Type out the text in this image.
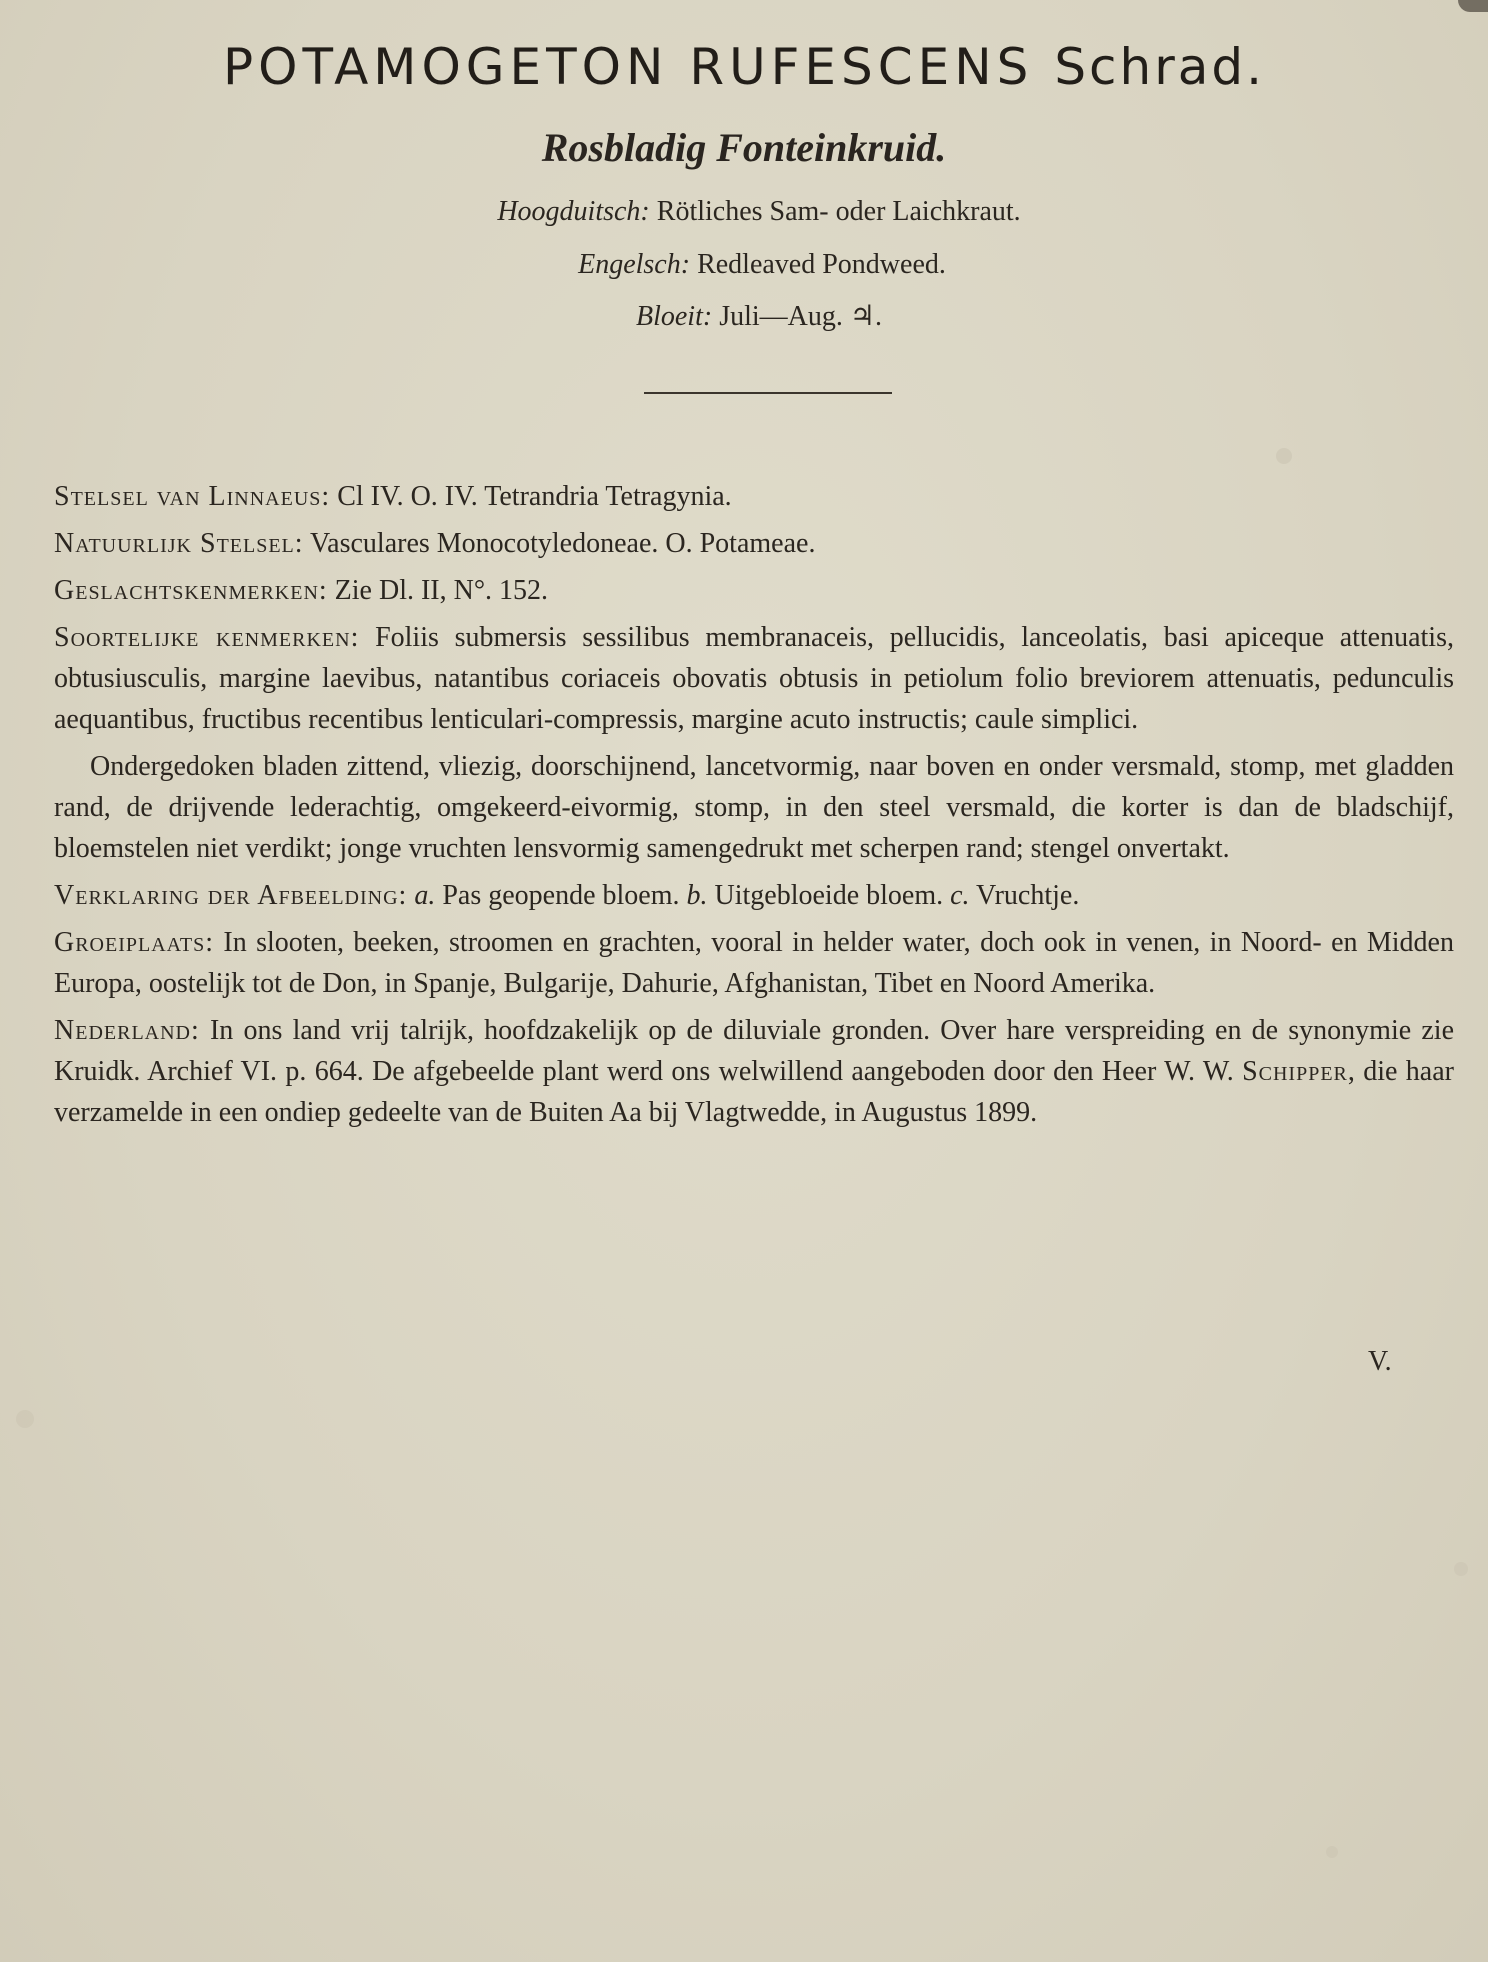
POTAMOGETON RUFESCENS Schrad.
Rosbladig Fonteinkruid.
Hoogduitsch: Rötliches Sam- oder Laichkraut.
Engelsch: Redleaved Pondweed.
Bloeit: Juli—Aug. ♃.

Stelsel van Linnaeus: Cl IV. O. IV. Tetrandria Tetragynia.

Natuurlijk Stelsel: Vasculares Monocotyledoneae. O. Potameae.

Geslachtskenmerken: Zie Dl. II, N°. 152.

Soortelijke kenmerken: Foliis submersis sessilibus membranaceis, pellucidis, lanceolatis, basi apiceque attenuatis, obtusiusculis, margine laevibus, natantibus coriaceis obovatis obtusis in petiolum folio breviorem attenuatis, pedunculis aequantibus, fructibus recentibus lenticulari-compressis, margine acuto instructis; caule simplici.

Ondergedoken bladen zittend, vliezig, doorschijnend, lancetvormig, naar boven en onder versmald, stomp, met gladden rand, de drijvende lederachtig, omgekeerd-eivormig, stomp, in den steel versmald, die korter is dan de bladschijf, bloemstelen niet verdikt; jonge vruchten lensvormig samengedrukt met scherpen rand; stengel onvertakt.

Verklaring der Afbeelding: a. Pas geopende bloem. b. Uitgebloeide bloem. c. Vruchtje.

Groeiplaats: In slooten, beeken, stroomen en grachten, vooral in helder water, doch ook in venen, in Noord- en Midden Europa, oostelijk tot de Don, in Spanje, Bulgarije, Dahurie, Afghanistan, Tibet en Noord Amerika.

Nederland: In ons land vrij talrijk, hoofdzakelijk op de diluviale gronden. Over hare verspreiding en de synonymie zie Kruidk. Archief VI. p. 664. De afgebeelde plant werd ons welwillend aangeboden door den Heer W. W. Schipper, die haar verzamelde in een ondiep gedeelte van de Buiten Aa bij Vlagtwedde, in Augustus 1899.

V.
